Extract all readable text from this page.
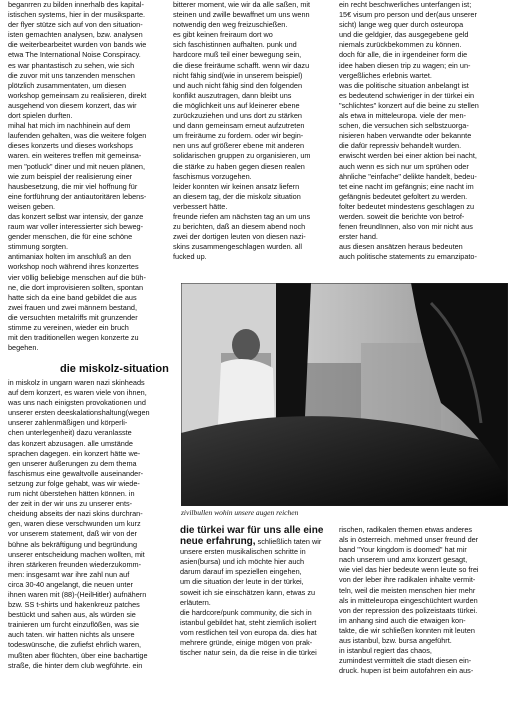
beganrren zu bilden innerhalb des kapital-

istischen systems, hier in der musiksparte.

der flyer stütze sich auf von den situation-

isten gemachten analysen, bzw. analysen

die weiterbearbeitet wurden von bands wie

etwa The International Noise Conspiracy.

es war phantastisch zu sehen, wie sich

die zuvor mit uns tanzenden menschen

plötzlich zusammentaten, um diesen

workshop gemeinsam zu realisieren, direkt

ausgehend von diesem konzert, das wir

dort spielen durften.

mihal hat mich im nachhinein auf dem

laufenden gehalten, was die weitere folgen

dieses konzerts und dieses workshops

waren. ein weiteres treffen mit gemeinsa-

men "potluck" diner und mit neuen plänen,

wie zum beispiel der realisierung einer

hausbesetzung, die mir viel hoffnung für

eine fortführung der antiautoritären lebens-

weisen geben.

das konzert selbst war intensiv, der ganze

raum war voller interessierter sich beweg-

gender menschen, die für eine schöne

stimmung sorgten.

antimaniax holten im anschluß an den

workshop noch während ihres konzertes

vier völlig beliebige menschen auf die büh-

ne, die dort improvisieren sollten, spontan

hatte sich da eine band gebildet die aus

zwei frauen und zwei männern bestand,

die versuchten metalriffs mit grunzender

stimme zu vereinen, wieder ein bruch

mit den traditionellen wegen konzerte zu

begehen.

die miskolz-situation

in miskolz in ungarn waren nazi skinheads

auf dem konzert, es waren viele von ihnen,

was uns nach einigsten provokationen und

unserer ersten deeskalationshaltung(wegen

unserer zahlenmäßigen und körperli-

chen unterlegenheit) dazu veranlasste

das konzert abzusagen. alle umstände

sprachen dagegen. ein konzert hätte we-

gen unserer äußerungen zu dem thema

faschismus eine gewaltvolle auseinander-

setzung zur folge gehabt, was wir wiede-

rum nicht überstehen hätten können. in

der zeit in der wir uns zu unserer ents-

cheidung abseits der nazi skins durchran-

gen, waren diese verschwunden um kurz

vor unserem statement, daß wir von der

bühne als bekräftigung und begründung

unserer entscheidung machen wollten, mit

ihren stärkeren freunden wiederzukomm-

men: insgesamt war ihre zahl nun auf

circa 30-40 angelangt, die neuen unter

ihnen waren mit (88)-(HeilHitler) aufnähern

bzw. SS t-shirts und hakenkreuz patches

bestückt und sahen aus, als würden sie

trainieren um furcht einzuflößen, was sie

auch taten. wir hatten nichts als unsere

todeswünsche, die zufiefst ehrlich waren,

mußten aber flüchten, über eine bachartige

straße, die hinter dem club wegführte. ein

bitterer moment, wie wir da alle saßen, mit

steinen und zwille bewaffnet um uns wenn

notwendig den weg freizuschießen.

es gibt keinen freiraum dort wo

sich faschistinnen aufhalten. punk und

hardcore muß teil einer bewegung sein,

die diese freiräume schafft. wenn wir dazu

nicht fähig sind(wie in unserem beispiel)

und auch nicht fähig sind den folgenden

konflikt auszutragen, dann bleibt uns

die möglichkeit uns auf kleinerer ebene

zurückzuziehen und uns dort zu stärken

und dann gemeinsam erneut aufzutreten

um freiräume zu fordern. oder wir begin-

nen uns auf größerer ebene mit anderen

solidarischen gruppen zu organisieren, um

die stärke zu haben gegen diesen realen

faschismus vorzugehen.

leider konnten wir keinen ansatz liefern

an diesem tag, der die miskolz situation

verbessert hätte.

freunde riefen am nächsten tag an um uns

zu berichten, daß an diesem abend noch

zwei der dortigen leuten von diesen nazi-

skins zusammengeschlagen wurden. all

fucked up.

ein recht beschwerliches unterfangen ist;

15€ visum pro person und der(aus unserer

sicht) lange weg quer durch osteuropa

und die geldgier, das ausgegebene geld

niemals zurückbekommen zu können.

doch für alle, die in irgendeiner form die

idee haben diesen trip zu wagen; ein un-

vergeßliches erlebnis wartet.

was die politische situation anbelangt ist

es bedeutend schwieriger in der türkei ein

"schlichtes" konzert auf die beine zu stellen

als etwa in mitteleuropa. viele der men-

schen, die versuchen sich selbstzuorga-

nisieren haben verwandte oder bekannte

die dafür repressiv behandelt wurden.

erwischt werden bei einer aktion bei nacht,

auch wenn es sich nur um sprühen oder

ähnliche "einfache" delikte handelt, bedeu-

tet eine nacht im gefängnis; eine nacht im

gefängnis bedeutet gefoltert zu werden.

folter bedeutet mindestens geschlagen zu

werden. soweit die berichte von betrof-

fenen freundInnen, also von mir nicht aus

erster hand.

aus diesen ansätzen heraus bedeuten

auch politische statements zu emanzipato-

zivilbullen wohin unsere augen reichen
die türkei war für uns alle eine neue erfahrung, schließlich taten wir

unsere ersten musikalischen schritte in

asien(bursa) und ich möchte hier auch

darum darauf im speziellen eingehen,

um die situation der leute in der türkei,

soweit ich sie einschätzen kann, etwas zu

erläutern.

die hardcore/punk community, die sich in

istanbul gebildet hat, steht ziemlich isoliert

vom restlichen teil von europa da. dies hat

mehrere gründe, einige mögen von prak-

tischer natur sein, da die reise in die türkei

rischen, radikalen themen etwas anderes

als in österreich. mehmed unser freund der

band "Your kingdom is doomed" hat mir

nach unserem und amx konzert gesagt,

wie viel das hier bedeute wenn leute so frei

von der leber ihre radikalen inhalte vermit-

teln, weil die meisten menschen hier mehr

als in mitteleuropa eingeschüchtert wurden

von der repression des polizeistaats türkei.

im anhang sind auch die etwaigen kon-

takte, die wir schließen konnten mit leuten

aus istanbul, bzw. bursa angeführt.

in istanbul regiert das chaos,

zumindest vermittelt die stadt diesen ein-

druck. hupen ist beim autofahren ein aus-
